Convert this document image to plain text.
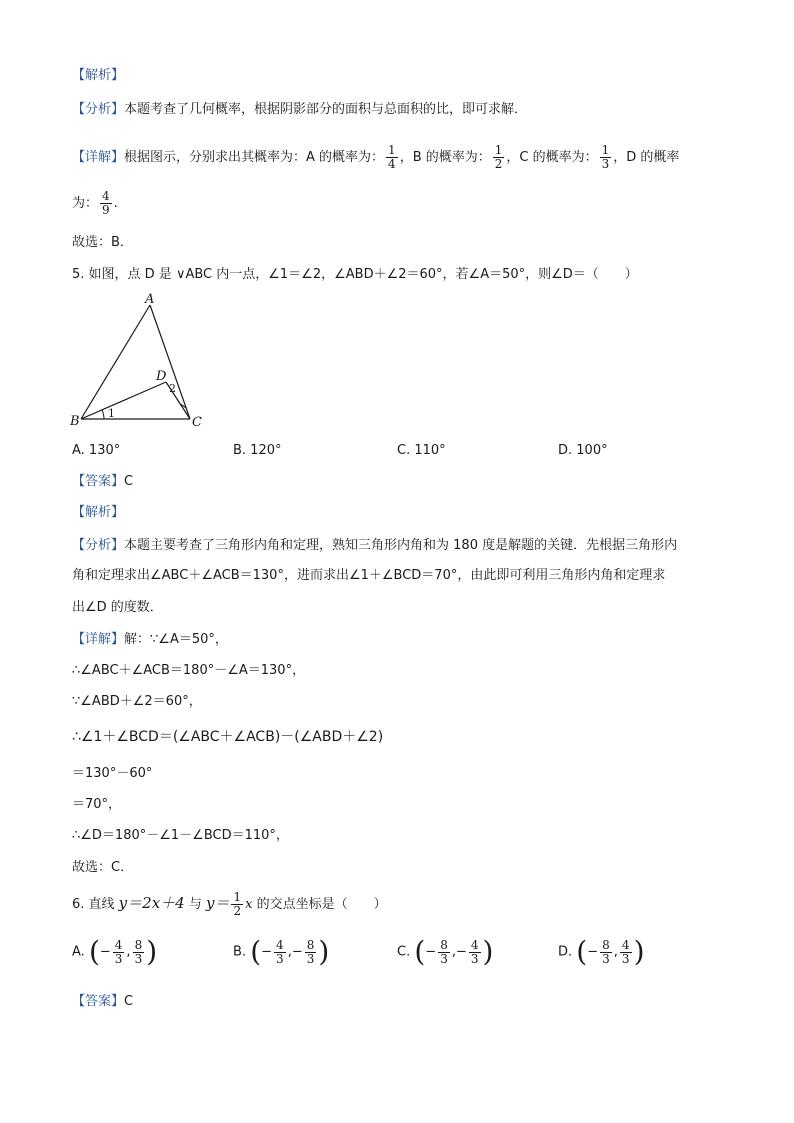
【解析】
【分析】本题考查了几何概率，根据阴影部分的面积与总面积的比，即可求解．
【详解】根据图示，分别求出其概率为：A 的概率为： $\frac{1}{4}$ ，B 的概率为： $\frac{1}{2}$ ，C 的概率为： $\frac{1}{3}$ ，D 的概率
为： $\frac{4}{9}$ .
故选：B．
5. 如图，点 D 是 ∨ABC 内一点，∠1＝∠2，∠ABD＋∠2＝60°，若∠A＝50°，则∠D＝（　　）
A
B	C
D
1
2
A. 130°	B. 120°	C. 110°	D. 100°
【答案】C
【解析】
【分析】本题主要考查了三角形内角和定理，熟知三角形内角和为 180 度是解题的关键．先根据三角形内
角和定理求出∠ABC＋∠ACB＝130°，进而求出∠1＋∠BCD＝70°，由此即可利用三角形内角和定理求
出∠D 的度数．
【详解】解：∵∠A＝50°，
∴∠ABC＋∠ACB＝180°－∠A＝130°，
∵∠ABD＋∠2＝60°，
∴∠1＋∠BCD＝(∠ABC＋∠ACB)－(∠ABD＋∠2)
＝130°－60°
＝70°，
∴∠D＝180°－∠1－∠BCD＝110°，
故选：C．
6. 直线 y＝2x＋4 与 $y= \frac{1}{2}$ x 的交点坐标是（　　）
A. (− $\frac{4}{3}$ , $\frac{8}{3}$ )	B. (− $\frac{4}{3}$ ,− $\frac{8}{3}$ )	C. (− $\frac{8}{3}$ ,− $\frac{4}{3}$ )	D. (− $\frac{8}{3}$ , $\frac{4}{3}$ )
【答案】C
